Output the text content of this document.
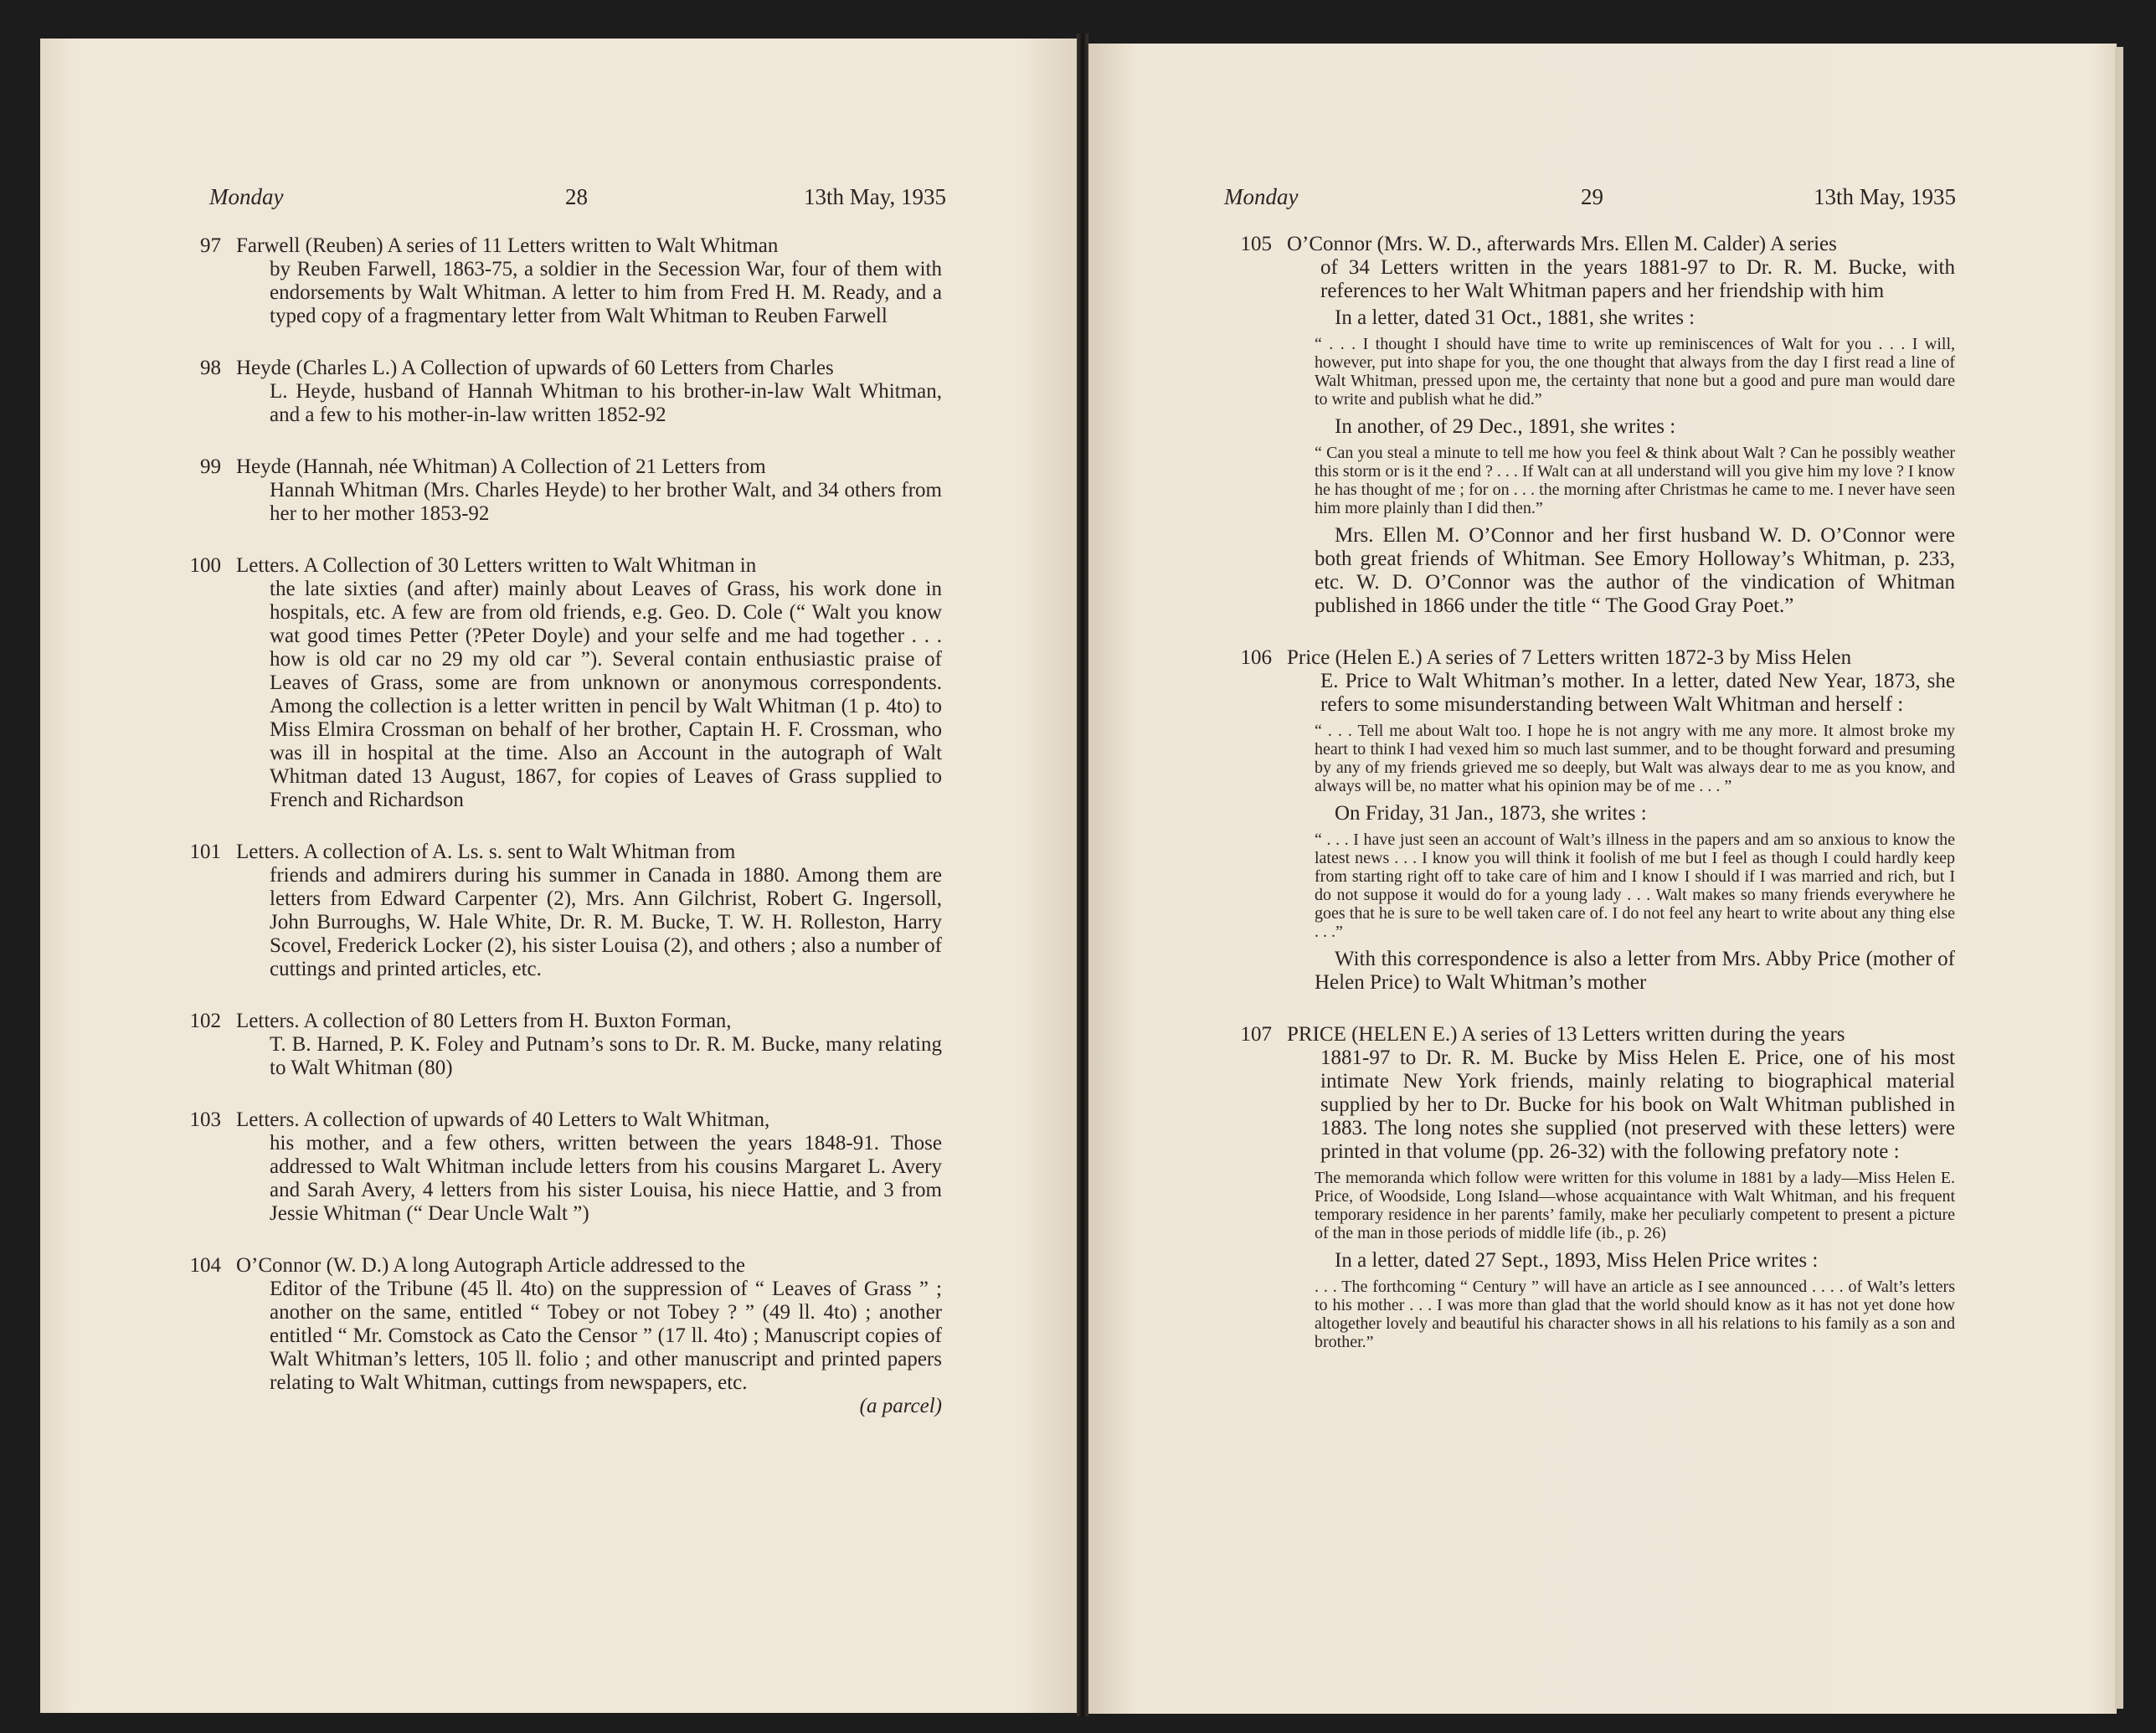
Monday	28	13th May, 1935	Monday	29	13th May, 1935
97 Farwell (Reuben) A series of 11 Letters written to Walt Whitman
by Reuben Farwell, 1863-75, a soldier in the Secession War, four of them with endorsements by Walt Whitman. A letter to him from Fred H. M. Ready, and a typed copy of a fragmentary letter from Walt Whitman to Reuben Farwell
98 Heyde (Charles L.) A Collection of upwards of 60 Letters from Charles
L. Heyde, husband of Hannah Whitman to his brother-in-law Walt Whitman, and a few to his mother-in-law written 1852-92
99 Heyde (Hannah, née Whitman) A Collection of 21 Letters from
Hannah Whitman (Mrs. Charles Heyde) to her brother Walt, and 34 others from her to her mother 1853-92
100 Letters. A Collection of 30 Letters written to Walt Whitman in
the late sixties (and after) mainly about Leaves of Grass, his work done in hospitals, etc. A few are from old friends, e.g. Geo. D. Cole (“ Walt you know wat good times Petter (?Peter Doyle) and your selfe and me had together . . . how is old car no 29 my old car ”). Several contain enthusiastic praise of Leaves of Grass, some are from unknown or anonymous correspondents. Among the collection is a letter written in pencil by Walt Whitman (1 p. 4to) to Miss Elmira Crossman on behalf of her brother, Captain H. F. Crossman, who was ill in hospital at the time. Also an Account in the autograph of Walt Whitman dated 13 August, 1867, for copies of Leaves of Grass supplied to French and Richardson
101 Letters. A collection of A. Ls. s. sent to Walt Whitman from
friends and admirers during his summer in Canada in 1880. Among them are letters from Edward Carpenter (2), Mrs. Ann Gilchrist, Robert G. Ingersoll, John Burroughs, W. Hale White, Dr. R. M. Bucke, T. W. H. Rolleston, Harry Scovel, Frederick Locker (2), his sister Louisa (2), and others ; also a number of cuttings and printed articles, etc.
102 Letters. A collection of 80 Letters from H. Buxton Forman,
T. B. Harned, P. K. Foley and Putnam’s sons to Dr. R. M. Bucke, many relating to Walt Whitman (80)
103 Letters. A collection of upwards of 40 Letters to Walt Whitman,
his mother, and a few others, written between the years 1848-91. Those addressed to Walt Whitman include letters from his cousins Margaret L. Avery and Sarah Avery, 4 letters from his sister Louisa, his niece Hattie, and 3 from Jessie Whitman (“ Dear Uncle Walt ”)
104 O’Connor (W. D.) A long Autograph Article addressed to the
Editor of the Tribune (45 ll. 4to) on the suppression of “ Leaves of Grass ” ; another on the same, entitled “ Tobey or not Tobey ? ” (49 ll. 4to) ; another entitled “ Mr. Comstock as Cato the Censor ” (17 ll. 4to) ; Manuscript copies of Walt Whitman’s letters, 105 ll. folio ; and other manuscript and printed papers relating to Walt Whitman, cuttings from newspapers, etc.
(a parcel)
105 O’Connor (Mrs. W. D., afterwards Mrs. Ellen M. Calder) A series
of 34 Letters written in the years 1881-97 to Dr. R. M. Bucke, with references to her Walt Whitman papers and her friendship with him
In a letter, dated 31 Oct., 1881, she writes :
“ . . . I thought I should have time to write up reminiscences of Walt for you . . . I will, however, put into shape for you, the one thought that always from the day I first read a line of Walt Whitman, pressed upon me, the certainty that none but a good and pure man would dare to write and publish what he did.”
In another, of 29 Dec., 1891, she writes :
“ Can you steal a minute to tell me how you feel & think about Walt ? Can he possibly weather this storm or is it the end ? . . . If Walt can at all understand will you give him my love ? I know he has thought of me ; for on . . . the morning after Christmas he came to me. I never have seen him more plainly than I did then.”
Mrs. Ellen M. O’Connor and her first husband W. D. O’Connor were both great friends of Whitman. See Emory Holloway’s Whitman, p. 233, etc. W. D. O’Connor was the author of the vindication of Whitman published in 1866 under the title “ The Good Gray Poet.”
106 Price (Helen E.) A series of 7 Letters written 1872-3 by Miss Helen
E. Price to Walt Whitman’s mother. In a letter, dated New Year, 1873, she refers to some misunderstanding between Walt Whitman and herself :
“ . . . Tell me about Walt too. I hope he is not angry with me any more. It almost broke my heart to think I had vexed him so much last summer, and to be thought forward and presuming by any of my friends grieved me so deeply, but Walt was always dear to me as you know, and always will be, no matter what his opinion may be of me . . . ”
On Friday, 31 Jan., 1873, she writes :
“ . . . I have just seen an account of Walt’s illness in the papers and am so anxious to know the latest news . . . I know you will think it foolish of me but I feel as though I could hardly keep from starting right off to take care of him and I know I should if I was married and rich, but I do not suppose it would do for a young lady . . . Walt makes so many friends everywhere he goes that he is sure to be well taken care of. I do not feel any heart to write about any thing else . . .”
With this correspondence is also a letter from Mrs. Abby Price (mother of Helen Price) to Walt Whitman’s mother
107 PRICE (HELEN E.) A series of 13 Letters written during the years
1881-97 to Dr. R. M. Bucke by Miss Helen E. Price, one of his most intimate New York friends, mainly relating to biographical material supplied by her to Dr. Bucke for his book on Walt Whitman published in 1883. The long notes she supplied (not preserved with these letters) were printed in that volume (pp. 26-32) with the following prefatory note :
The memoranda which follow were written for this volume in 1881 by a lady—Miss Helen E. Price, of Woodside, Long Island—whose acquaintance with Walt Whitman, and his frequent temporary residence in her parents’ family, make her peculiarly competent to present a picture of the man in those periods of middle life (ib., p. 26)
In a letter, dated 27 Sept., 1893, Miss Helen Price writes :
. . . The forthcoming “ Century ” will have an article as I see announced . . . . of Walt’s letters to his mother . . . I was more than glad that the world should know as it has not yet done how altogether lovely and beautiful his character shows in all his relations to his family as a son and brother.”
